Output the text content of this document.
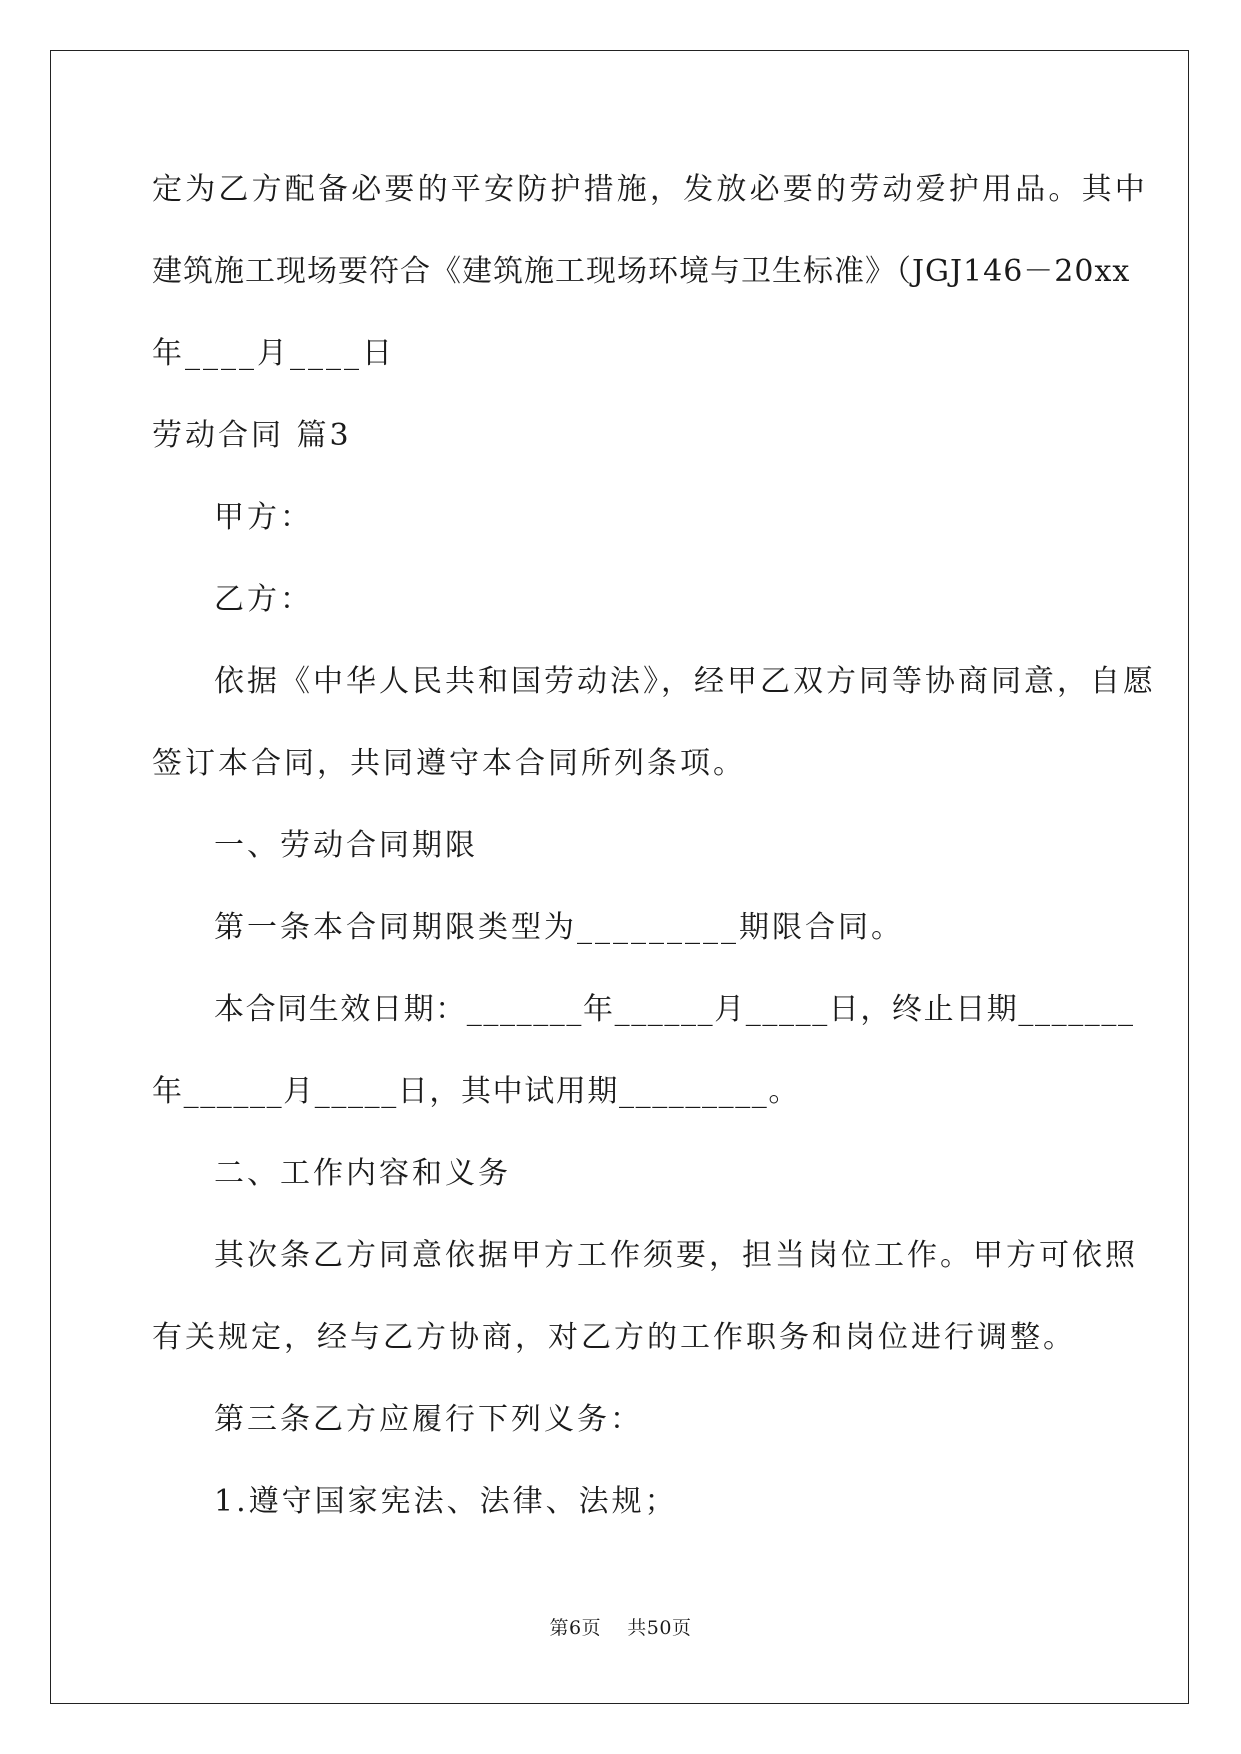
定为乙方配备必要的平安防护措施，发放必要的劳动爱护用品。其中
建筑施工现场要符合《建筑施工现场环境与卫生标准》（JGJ146－20xx
年____月____日
劳动合同 篇3
甲方：
乙方：
依据《中华人民共和国劳动法》，经甲乙双方同等协商同意，自愿
签订本合同，共同遵守本合同所列条项。
一、劳动合同期限
第一条本合同期限类型为_________期限合同。
本合同生效日期：_______年______月_____日，终止日期_______
年______月_____日，其中试用期_________。
二、工作内容和义务
其次条乙方同意依据甲方工作须要，担当岗位工作。甲方可依照
有关规定，经与乙方协商，对乙方的工作职务和岗位进行调整。
第三条乙方应履行下列义务：
1.遵守国家宪法、法律、法规；
第6页    共50页
